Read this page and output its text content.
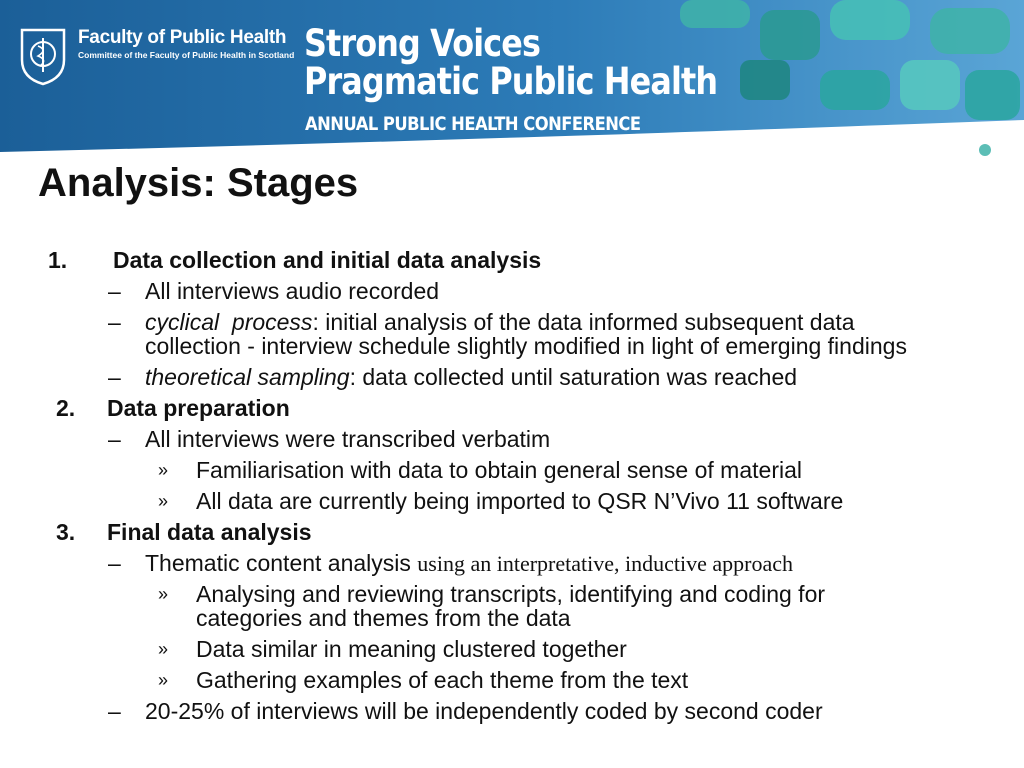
Faculty of Public Health
Committee of the Faculty of Public Health in Scotland Strong Voices
Pragmatic Public Health
ANNUAL PUBLIC HEALTH CONFERENCE
Analysis: Stages
1. Data collection and initial data analysis
– All interviews audio recorded
– cyclical  process: initial analysis of the data informed subsequent data
collection - interview schedule slightly modified in light of emerging findings
– theoretical sampling: data collected until saturation was reached
2. Data preparation
– All interviews were transcribed verbatim
» Familiarisation with data to obtain general sense of material
» All data are currently being imported to QSR N’Vivo 11 software
3. Final data analysis
– Thematic content analysis using an interpretative, inductive approach
» Analysing and reviewing transcripts, identifying and coding for
categories and themes from the data
» Data similar in meaning clustered together
» Gathering examples of each theme from the text
– 20-25% of interviews will be independently coded by second coder
